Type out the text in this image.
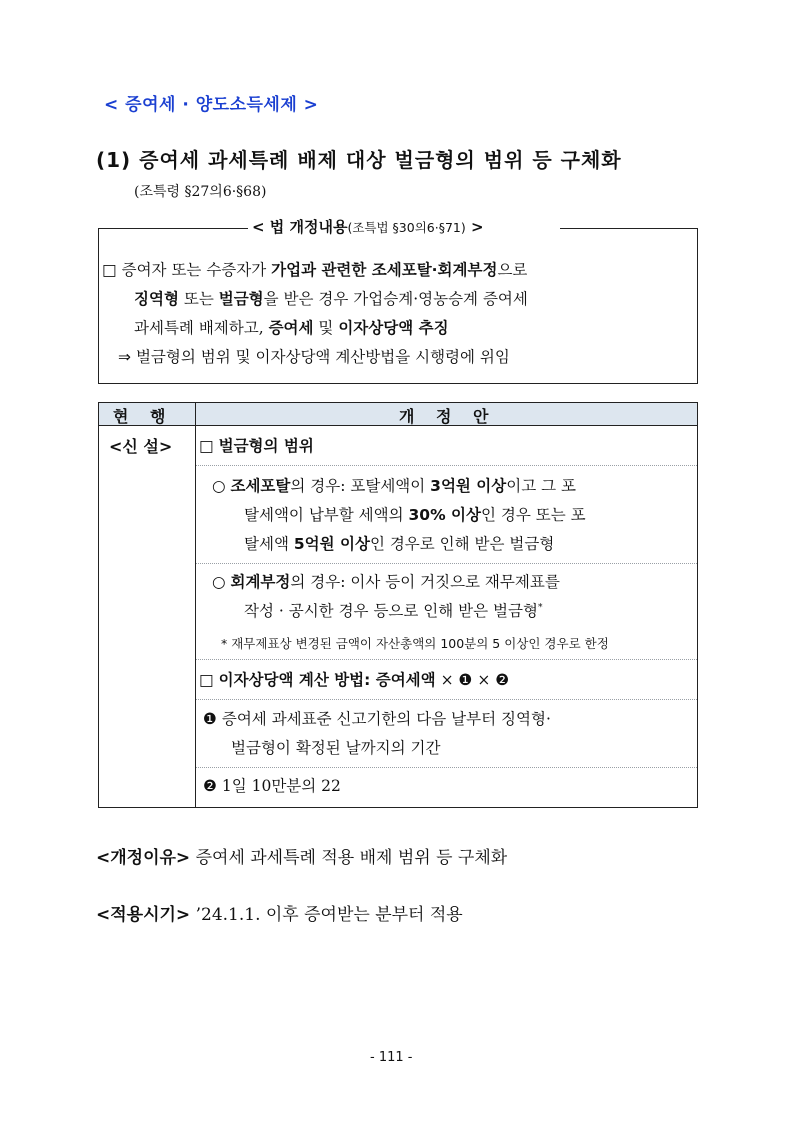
< 증여세 · 양도소득세제 >
(1) 증여세 과세특례 배제 대상 벌금형의 범위 등 구체화
(조특령 §27의6·§68)
< 법 개정내용(조특법 §30의6·§71) >
□ 증여자 또는 수증자가 가업과 관련한 조세포탈·회계부정으로
징역형 또는 벌금형을 받은 경우 가업승계·영농승계 증여세
과세특례 배제하고, 증여세 및 이자상당액 추징
⇒ 벌금형의 범위 및 이자상당액 계산방법을 시행령에 위임
현 행	개 정 안
<신 설> □ 벌금형의 범위
○ 조세포탈의 경우: 포탈세액이 3억원 이상이고 그 포
탈세액이 납부할 세액의 30% 이상인 경우 또는 포
탈세액 5억원 이상인 경우로 인해 받은 벌금형
○ 회계부정의 경우: 이사 등이 거짓으로 재무제표를
작성 · 공시한 경우 등으로 인해 받은 벌금형*
* 재무제표상 변경된 금액이 자산총액의 100분의 5 이상인 경우로 한정
□ 이자상당액 계산 방법: 증여세액 × ❶ × ❷
❶ 증여세 과세표준 신고기한의 다음 날부터 징역형·
벌금형이 확정된 날까지의 기간
❷ 1일 10만분의 22
<개정이유> 증여세 과세특례 적용 배제 범위 등 구체화
<적용시기> ’24.1.1. 이후 증여받는 분부터 적용
- 111 -
